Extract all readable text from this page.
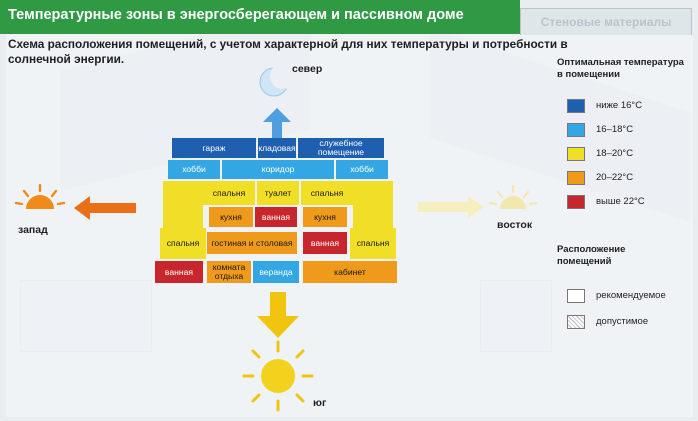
Температурные зоны в энергосберегающем и пассивном доме	Стеновые материалы
Схема расположения помещений, с учетом характерной для них температуры и потребности в солнечной энергии.
север
запад	восток
гараж	кладовая	служебное помещение
хобби	коридор	хобби
спальня	туалет	спальня
спальня	спальня
кухня	ванная	кухня
гостиная и столовая	ванная
ванная	комната отдыха	веранда	кабинет
юг
Оптимальная температура в помещении
ниже 16°C
16–18°C
18–20°C
20–22°C
выше 22°C
Расположение помещений
рекомендуемое
допустимое
